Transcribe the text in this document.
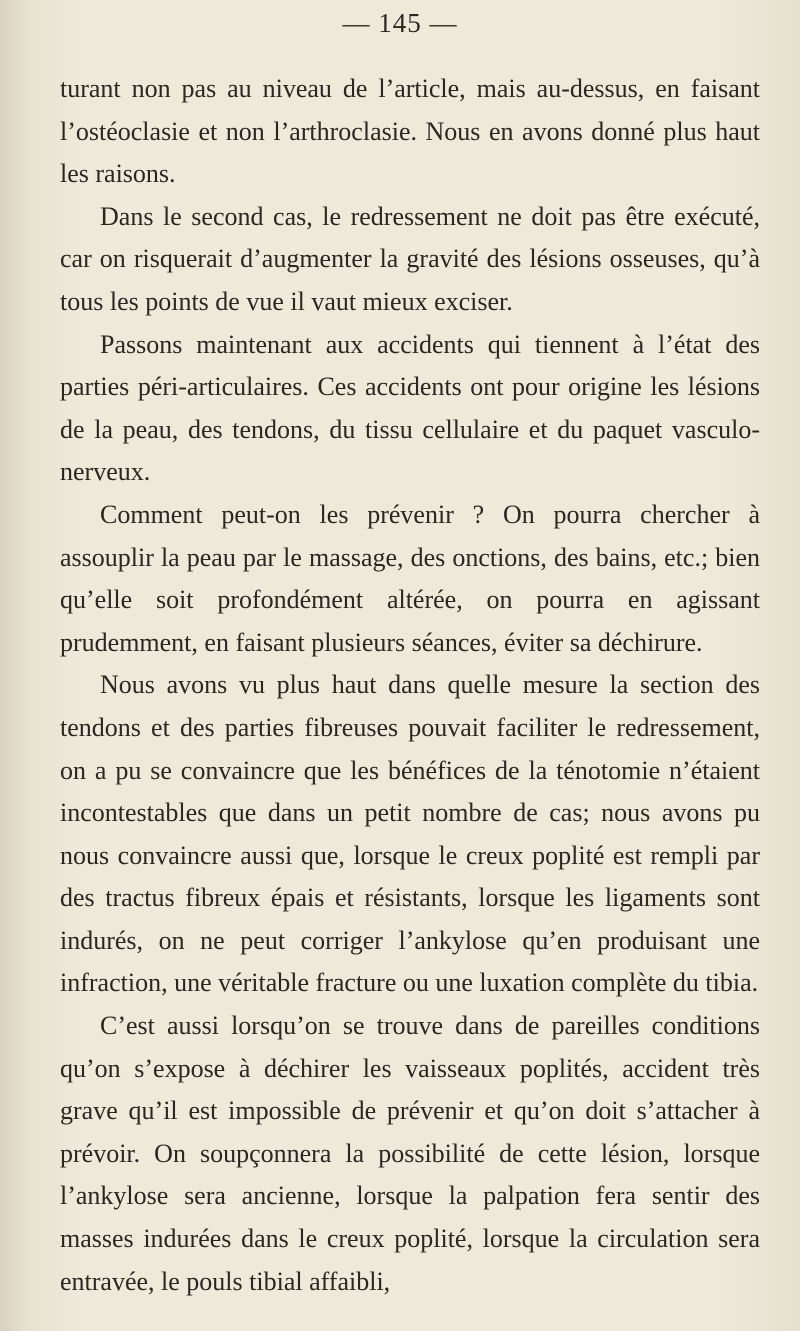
— 145 —

turant non pas au niveau de l’article, mais au-dessus, en faisant l’ostéoclasie et non l’arthroclasie. Nous en avons donné plus haut les raisons.

Dans le second cas, le redressement ne doit pas être exécuté, car on risquerait d’augmenter la gravité des lésions osseuses, qu’à tous les points de vue il vaut mieux exciser.

Passons maintenant aux accidents qui tiennent à l’état des parties péri-articulaires. Ces accidents ont pour origine les lésions de la peau, des tendons, du tissu cellulaire et du paquet vasculo-nerveux.

Comment peut-on les prévenir ? On pourra chercher à assouplir la peau par le massage, des onctions, des bains, etc.; bien qu’elle soit profondément altérée, on pourra en agissant prudemment, en faisant plusieurs séances, éviter sa déchirure.

Nous avons vu plus haut dans quelle mesure la section des tendons et des parties fibreuses pouvait faciliter le redressement, on a pu se convaincre que les bénéfices de la ténotomie n’étaient incontestables que dans un petit nombre de cas; nous avons pu nous convaincre aussi que, lorsque le creux poplité est rempli par des tractus fibreux épais et résistants, lorsque les ligaments sont indurés, on ne peut corriger l’ankylose qu’en produisant une infraction, une véritable fracture ou une luxation complète du tibia.

C’est aussi lorsqu’on se trouve dans de pareilles conditions qu’on s’expose à déchirer les vaisseaux poplités, accident très grave qu’il est impossible de prévenir et qu’on doit s’attacher à prévoir. On soupçonnera la possibilité de cette lésion, lorsque l’ankylose sera ancienne, lorsque la palpation fera sentir des masses indurées dans le creux poplité, lorsque la circulation sera entravée, le pouls tibial affaibli,
